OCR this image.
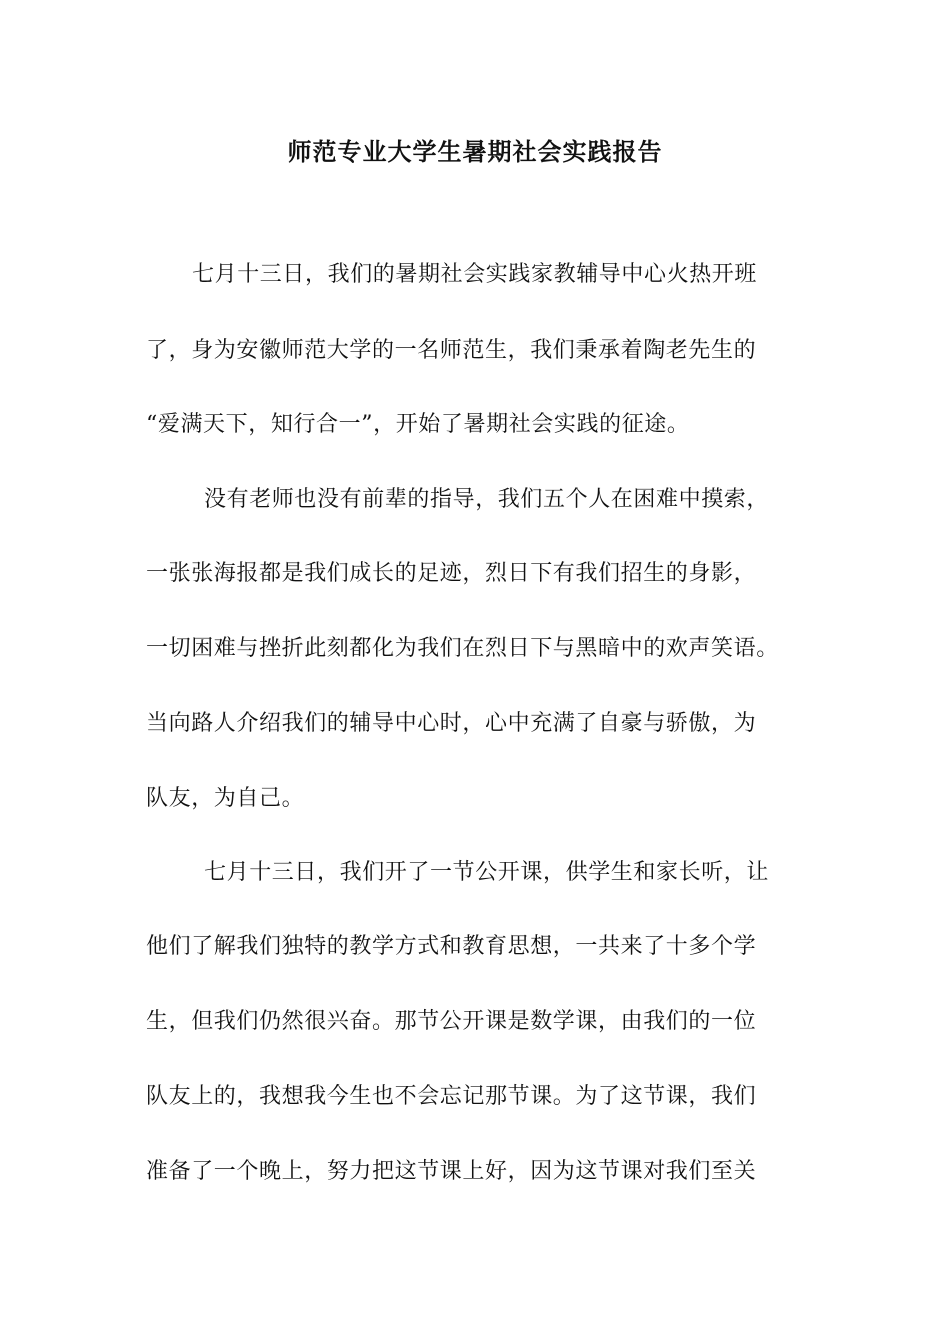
师范专业大学生暑期社会实践报告
七月十三日，我们的暑期社会实践家教辅导中心火热开班
了，身为安徽师范大学的一名师范生，我们秉承着陶老先生的
“爱满天下，知行合一”，开始了暑期社会实践的征途。
没有老师也没有前辈的指导，我们五个人在困难中摸索，
一张张海报都是我们成长的足迹，烈日下有我们招生的身影，
一切困难与挫折此刻都化为我们在烈日下与黑暗中的欢声笑语。
当向路人介绍我们的辅导中心时，心中充满了自豪与骄傲，为
队友，为自己。
七月十三日，我们开了一节公开课，供学生和家长听，让
他们了解我们独特的教学方式和教育思想，一共来了十多个学
生，但我们仍然很兴奋。那节公开课是数学课，由我们的一位
队友上的，我想我今生也不会忘记那节课。为了这节课，我们
准备了一个晚上，努力把这节课上好，因为这节课对我们至关
